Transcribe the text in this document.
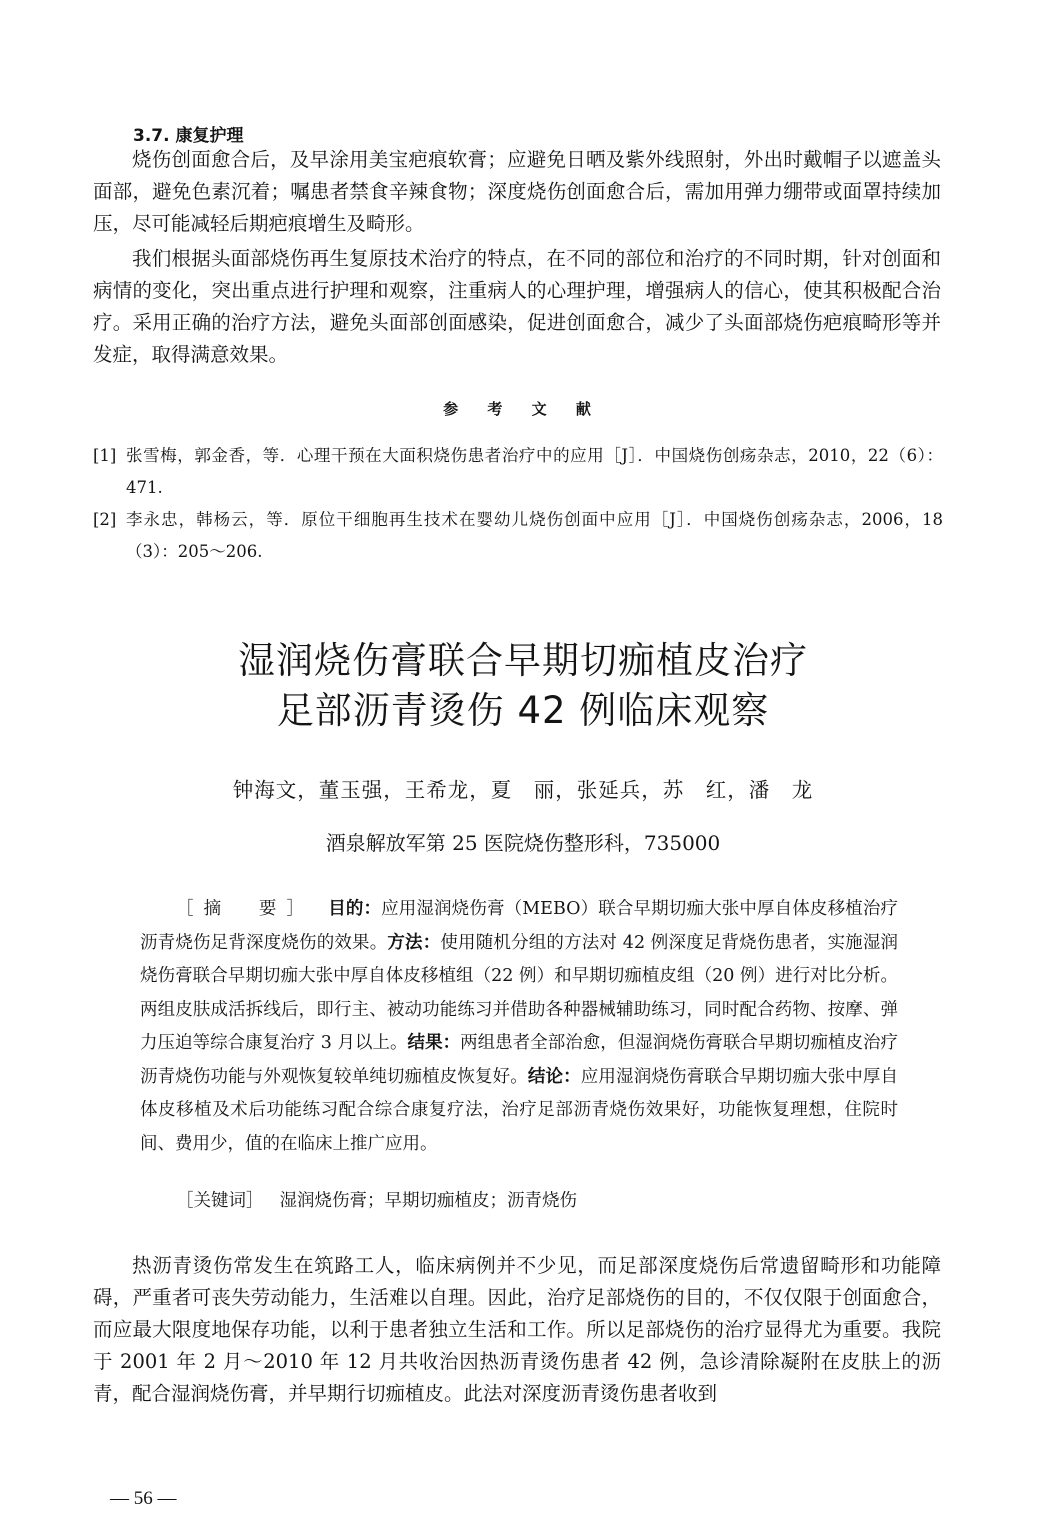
3.7. 康复护理
烧伤创面愈合后，及早涂用美宝疤痕软膏；应避免日晒及紫外线照射，外出时戴帽子以遮盖头面部，避免色素沉着；嘱患者禁食辛辣食物；深度烧伤创面愈合后，需加用弹力绷带或面罩持续加压，尽可能减轻后期疤痕增生及畸形。
我们根据头面部烧伤再生复原技术治疗的特点，在不同的部位和治疗的不同时期，针对创面和病情的变化，突出重点进行护理和观察，注重病人的心理护理，增强病人的信心，使其积极配合治疗。采用正确的治疗方法，避免头面部创面感染，促进创面愈合，减少了头面部烧伤疤痕畸形等并发症，取得满意效果。
参 考 文 献
[1] 张雪梅，郭金香，等．心理干预在大面积烧伤患者治疗中的应用［J］．中国烧伤创疡杂志，2010，22（6）：471.
[2] 李永忠，韩杨云，等．原位干细胞再生技术在婴幼儿烧伤创面中应用［J］．中国烧伤创疡杂志，2006，18（3）：205～206.
湿润烧伤膏联合早期切痂植皮治疗
足部沥青烫伤 42 例临床观察
钟海文，董玉强，王希龙，夏　丽，张延兵，苏　红，潘　龙
酒泉解放军第 25 医院烧伤整形科，735000
［摘　要］ 目的：应用湿润烧伤膏（MEBO）联合早期切痂大张中厚自体皮移植治疗沥青烧伤足背深度烧伤的效果。方法：使用随机分组的方法对 42 例深度足背烧伤患者，实施湿润烧伤膏联合早期切痂大张中厚自体皮移植组（22 例）和早期切痂植皮组（20 例）进行对比分析。两组皮肤成活拆线后，即行主、被动功能练习并借助各种器械辅助练习，同时配合药物、按摩、弹力压迫等综合康复治疗 3 月以上。结果：两组患者全部治愈，但湿润烧伤膏联合早期切痂植皮治疗沥青烧伤功能与外观恢复较单纯切痂植皮恢复好。结论：应用湿润烧伤膏联合早期切痂大张中厚自体皮移植及术后功能练习配合综合康复疗法，治疗足部沥青烧伤效果好，功能恢复理想，住院时间、费用少，值的在临床上推广应用。
［关键词］ 湿润烧伤膏；早期切痂植皮；沥青烧伤
热沥青烫伤常发生在筑路工人，临床病例并不少见，而足部深度烧伤后常遗留畸形和功能障碍，严重者可丧失劳动能力，生活难以自理。因此，治疗足部烧伤的目的，不仅仅限于创面愈合，而应最大限度地保存功能，以利于患者独立生活和工作。所以足部烧伤的治疗显得尤为重要。我院于 2001 年 2 月～2010 年 12 月共收治因热沥青烫伤患者 42 例，急诊清除凝附在皮肤上的沥青，配合湿润烧伤膏，并早期行切痂植皮。此法对深度沥青烫伤患者收到
— 56 —
